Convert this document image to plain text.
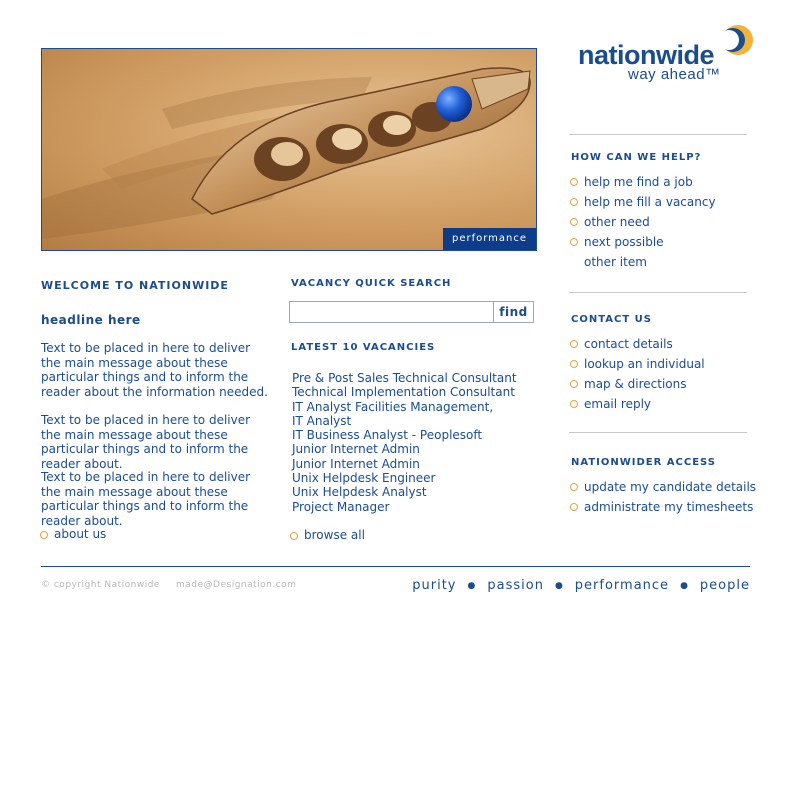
performance
nationwide
way ahead™
HOW CAN WE HELP?
help me find a job
help me fill a vacancy
other need
next possible
other item
CONTACT US
contact details
lookup an individual
map & directions
email reply
NATIONWIDER ACCESS
update my candidate details
administrate my timesheets
WELCOME TO NATIONWIDE
headline here

Text to be placed in here to deliver the main message about these particular things and to inform the reader about the information needed.

Text to be placed in here to deliver the main message about these particular things and to inform the reader about.

Text to be placed in here to deliver the main message about these particular things and to inform the reader about.

about us
VACANCY QUICK SEARCH
find
LATEST 10 VACANCIES
Pre & Post Sales Technical Consultant
Technical Implementation Consultant
IT Analyst Facilities Management,
IT Analyst
IT Business Analyst - Peoplesoft
Junior Internet Admin
Junior Internet Admin
Unix Helpdesk Engineer
Unix Helpdesk Analyst
Project Manager
browse all
© copyright Nationwide made@Designation.com	purity ● passion ● performance ● people
